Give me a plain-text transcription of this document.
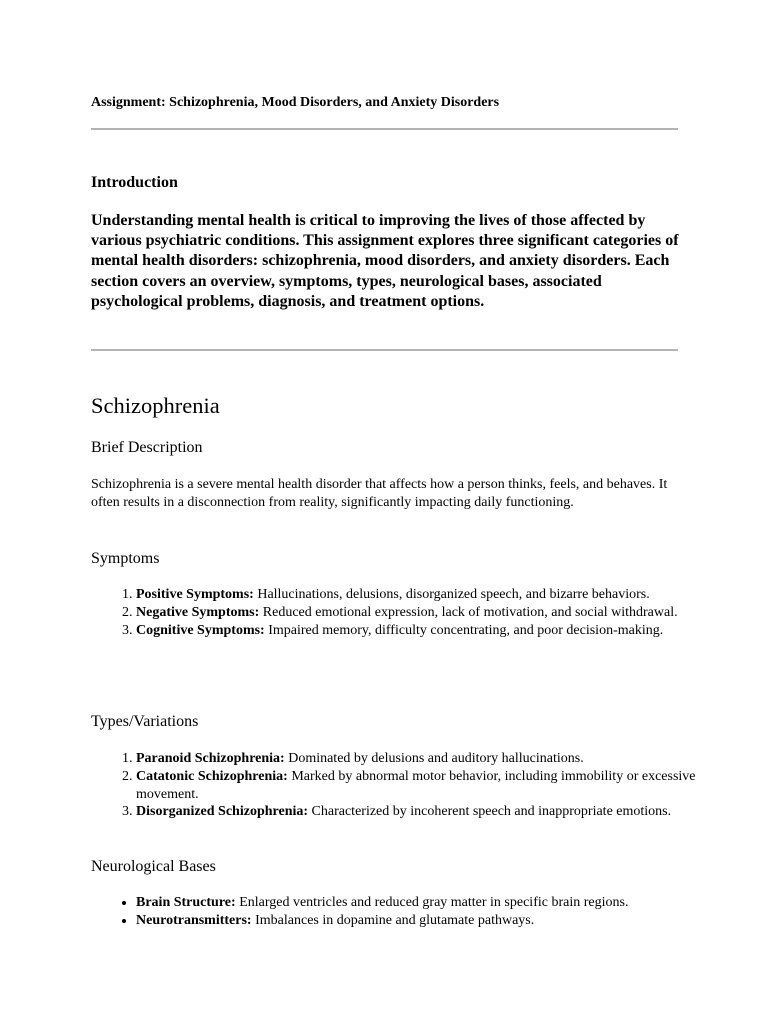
Assignment: Schizophrenia, Mood Disorders, and Anxiety Disorders

Introduction

Understanding mental health is critical to improving the lives of those affected by various psychiatric conditions. This assignment explores three significant categories of mental health disorders: schizophrenia, mood disorders, and anxiety disorders. Each section covers an overview, symptoms, types, neurological bases, associated psychological problems, diagnosis, and treatment options.

Schizophrenia
Brief Description

Schizophrenia is a severe mental health disorder that affects how a person thinks, feels, and behaves. It often results in a disconnection from reality, significantly impacting daily functioning.

Symptoms
1. Positive Symptoms: Hallucinations, delusions, disorganized speech, and bizarre behaviors.
2. Negative Symptoms: Reduced emotional expression, lack of motivation, and social withdrawal.
3. Cognitive Symptoms: Impaired memory, difficulty concentrating, and poor decision-making.
Types/Variations
1. Paranoid Schizophrenia: Dominated by delusions and auditory hallucinations.
2. Catatonic Schizophrenia: Marked by abnormal motor behavior, including immobility or excessive movement.
3. Disorganized Schizophrenia: Characterized by incoherent speech and inappropriate emotions.
Neurological Bases
• Brain Structure: Enlarged ventricles and reduced gray matter in specific brain regions.
• Neurotransmitters: Imbalances in dopamine and glutamate pathways.
